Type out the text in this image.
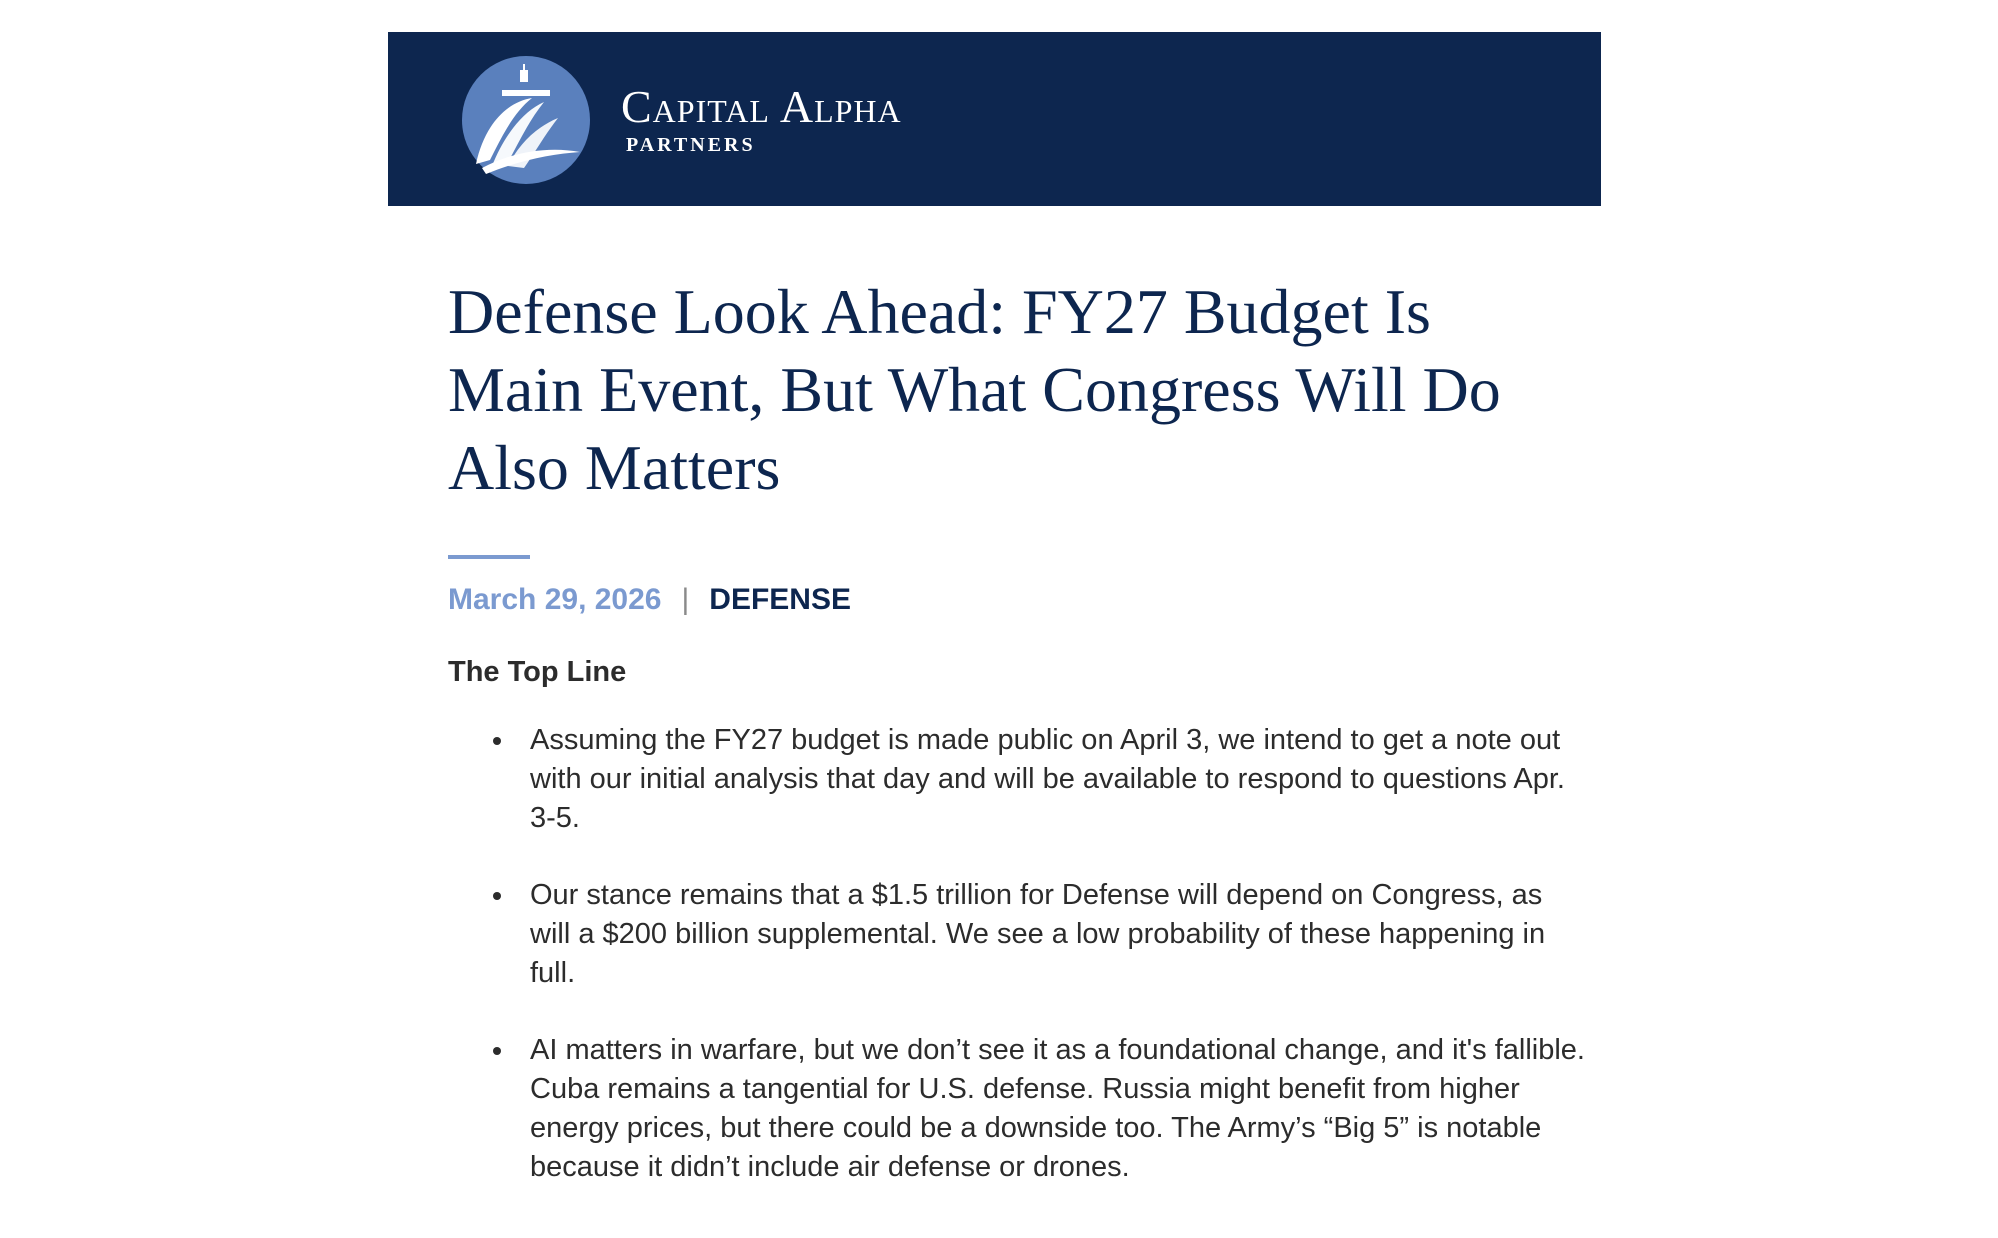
Capital Alpha
PARTNERS
Defense Look Ahead: FY27 Budget Is Main Event, But What Congress Will Do Also Matters
March 29, 2026 | DEFENSE
The Top Line
Assuming the FY27 budget is made public on April 3, we intend to get a note out with our initial analysis that day and will be available to respond to questions Apr. 3-5.
Our stance remains that a $1.5 trillion for Defense will depend on Congress, as will a $200 billion supplemental. We see a low probability of these happening in full.
AI matters in warfare, but we don’t see it as a foundational change, and it's fallible. Cuba remains a tangential for U.S. defense. Russia might benefit from higher energy prices, but there could be a downside too. The Army’s “Big 5” is notable because it didn’t include air defense or drones.
